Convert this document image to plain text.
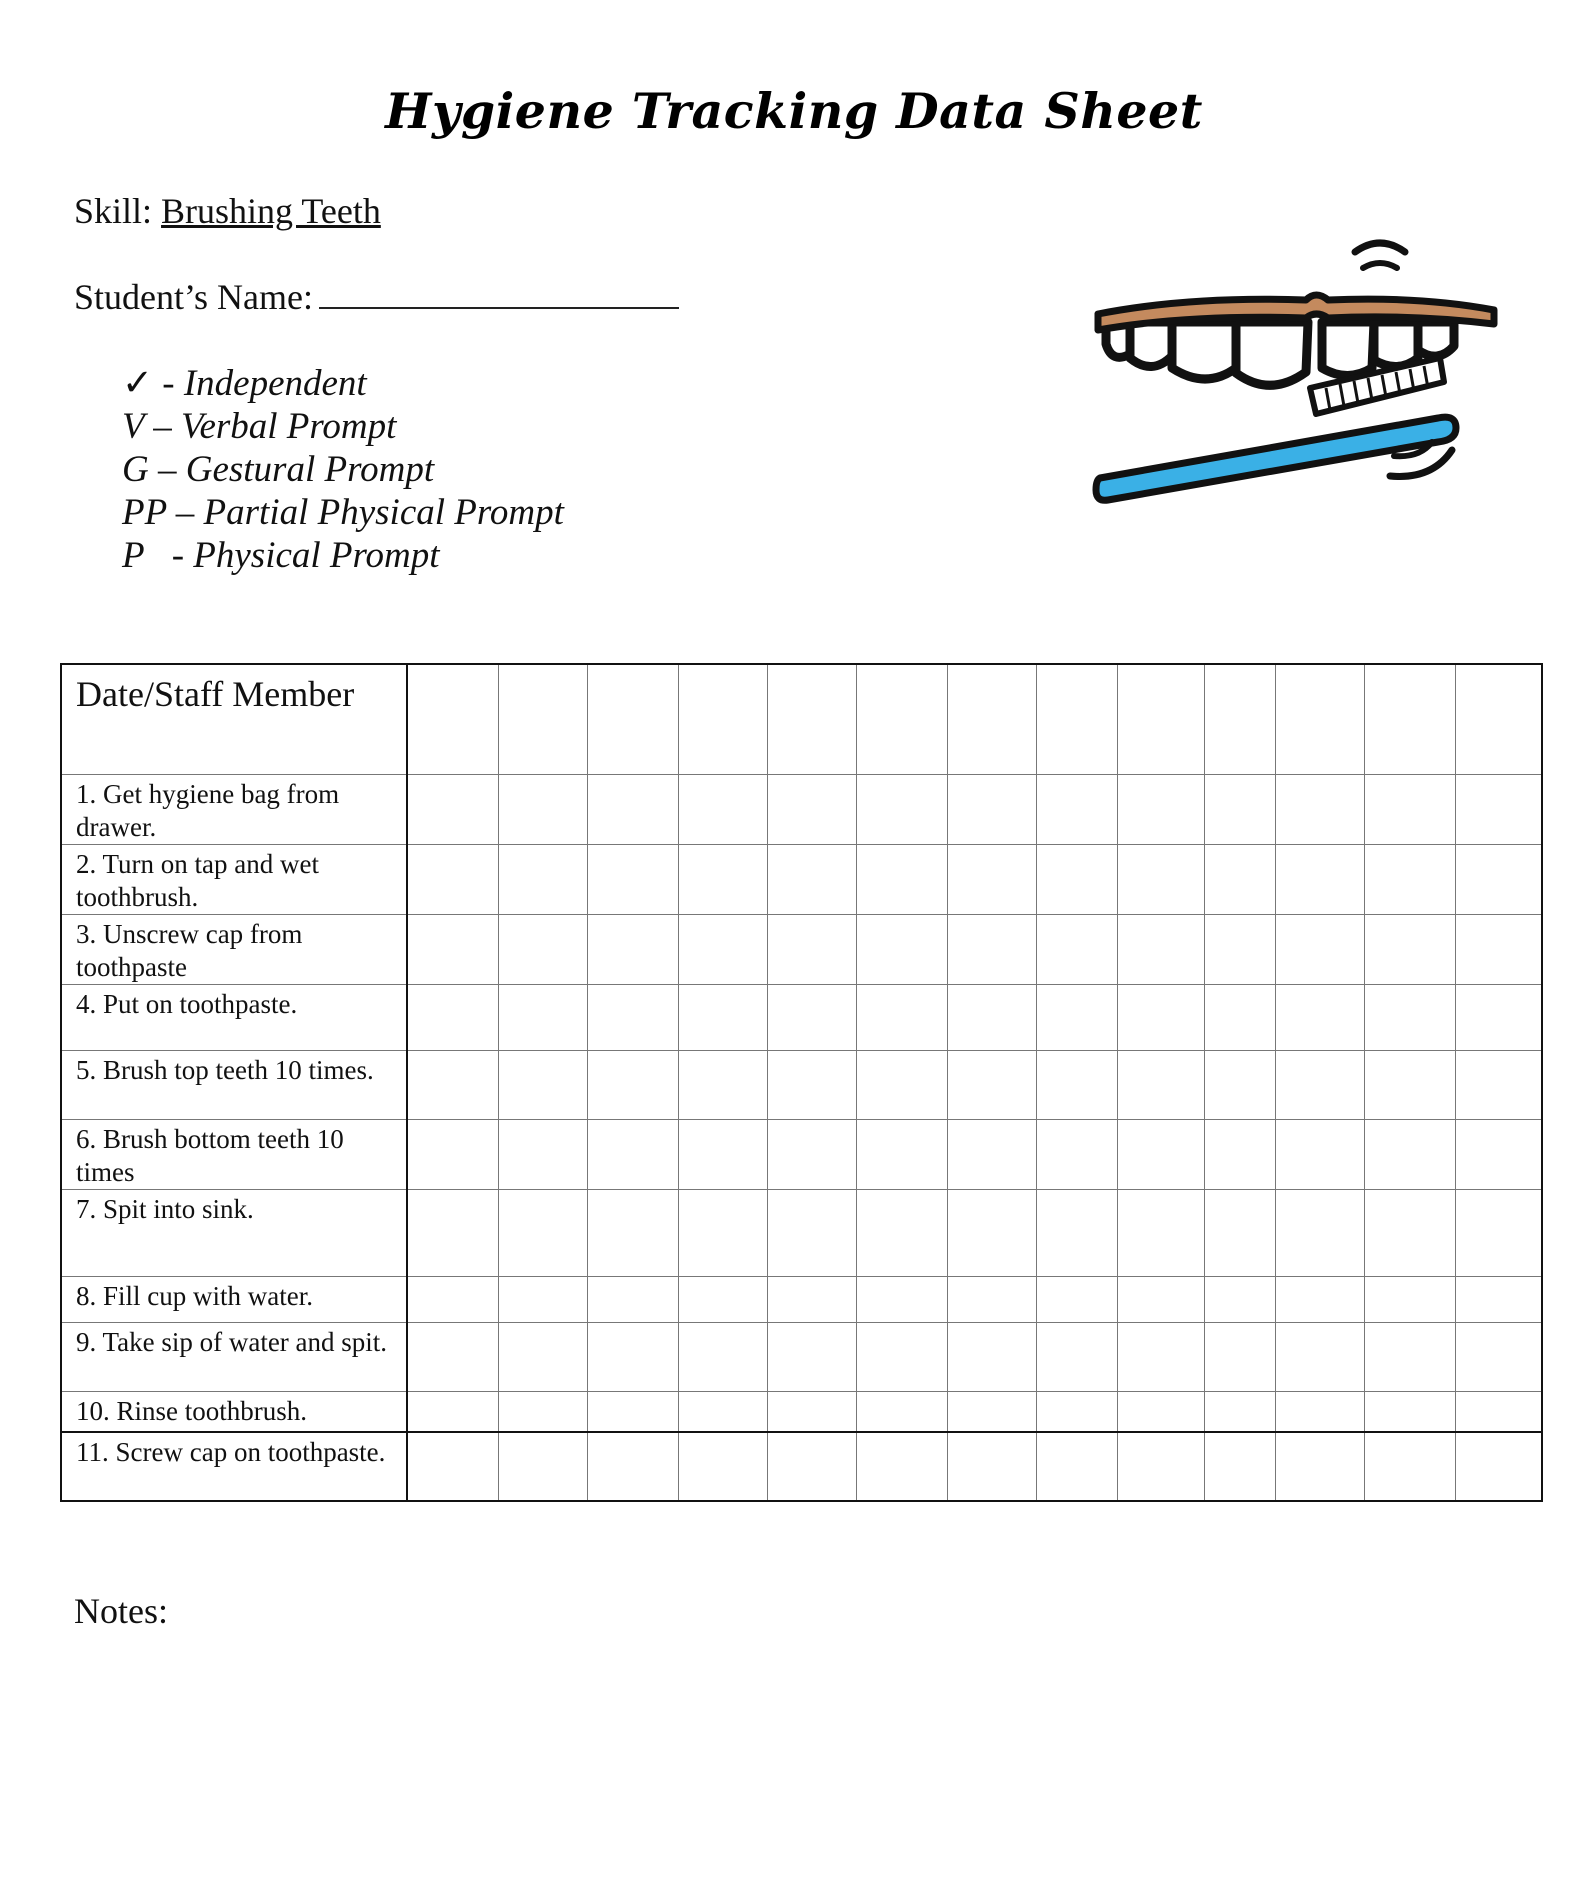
Hygiene Tracking Data Sheet
Skill: Brushing Teeth
Student’s Name:
✓ - Independent
V – Verbal Prompt
G – Gestural Prompt
PP – Partial Physical Prompt
P   - Physical Prompt
Date/Staff Member													
1. Get hygiene bag from drawer.													
2. Turn on tap and wet toothbrush.													
3. Unscrew cap from toothpaste													
4. Put on toothpaste.													
5. Brush top teeth 10 times.													
6. Brush bottom teeth 10 times													
7. Spit into sink.													
8. Fill cup with water.													
9. Take sip of water and spit.													
10. Rinse toothbrush.													
11. Screw cap on toothpaste.													
Notes:
